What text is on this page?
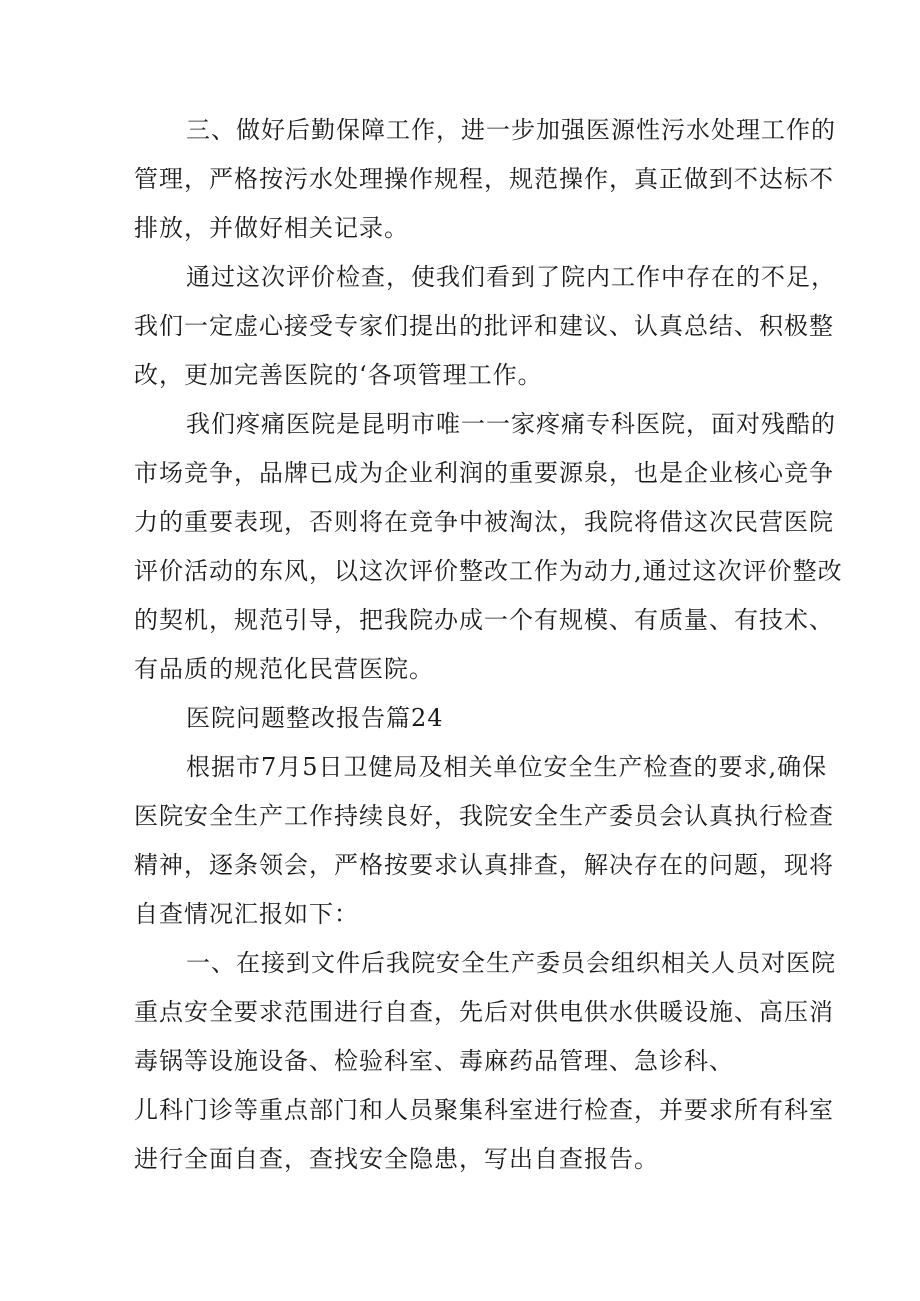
三、做好后勤保障工作，进一步加强医源性污水处理工作的
管理，严格按污水处理操作规程，规范操作，真正做到不达标不
排放，并做好相关记录。
通过这次评价检查，使我们看到了院内工作中存在的不足，
我们一定虚心接受专家们提出的批评和建议、认真总结、积极整
改，更加完善医院的‘各项管理工作。
我们疼痛医院是昆明市唯一一家疼痛专科医院，面对残酷的
市场竞争，品牌已成为企业利润的重要源泉，也是企业核心竞争
力的重要表现，否则将在竞争中被淘汰，我院将借这次民营医院
评价活动的东风，以这次评价整改工作为动力,通过这次评价整改
的契机，规范引导，把我院办成一个有规模、有质量、有技术、
有品质的规范化民营医院。
医院问题整改报告篇24
根据市7月5日卫健局及相关单位安全生产检查的要求,确保
医院安全生产工作持续良好，我院安全生产委员会认真执行检查
精神，逐条领会，严格按要求认真排查，解决存在的问题，现将
自查情况汇报如下：
一、在接到文件后我院安全生产委员会组织相关人员对医院
重点安全要求范围进行自查，先后对供电供水供暖设施、高压消
毒锅等设施设备、检验科室、毒麻药品管理、急诊科、
儿科门诊等重点部门和人员聚集科室进行检查，并要求所有科室
进行全面自查，查找安全隐患，写出自查报告。
